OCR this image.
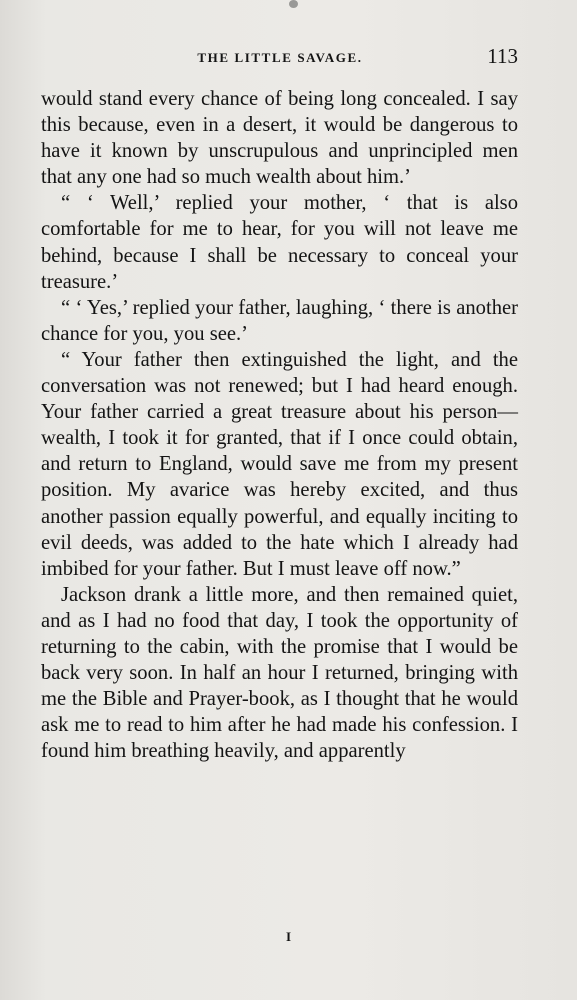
THE LITTLE SAVAGE.	113

would stand every chance of being long concealed. I say this because, even in a desert, it would be dangerous to have it known by unscrupulous and unprincipled men that any one had so much wealth about him.’

“ ‘ Well,’ replied your mother, ‘ that is also comfortable for me to hear, for you will not leave me behind, because I shall be necessary to conceal your treasure.’

“ ‘ Yes,’ replied your father, laughing, ‘ there is another chance for you, you see.’

“ Your father then extinguished the light, and the conversation was not renewed; but I had heard enough. Your father carried a great treasure about his person—wealth, I took it for granted, that if I once could obtain, and return to England, would save me from my present position. My avarice was hereby excited, and thus another passion equally powerful, and equally inciting to evil deeds, was added to the hate which I already had imbibed for your father. But I must leave off now.”

Jackson drank a little more, and then remained quiet, and as I had no food that day, I took the opportunity of returning to the cabin, with the promise that I would be back very soon. In half an hour I returned, bringing with me the Bible and Prayer-book, as I thought that he would ask me to read to him after he had made his confession. I found him breathing heavily, and apparently

I
